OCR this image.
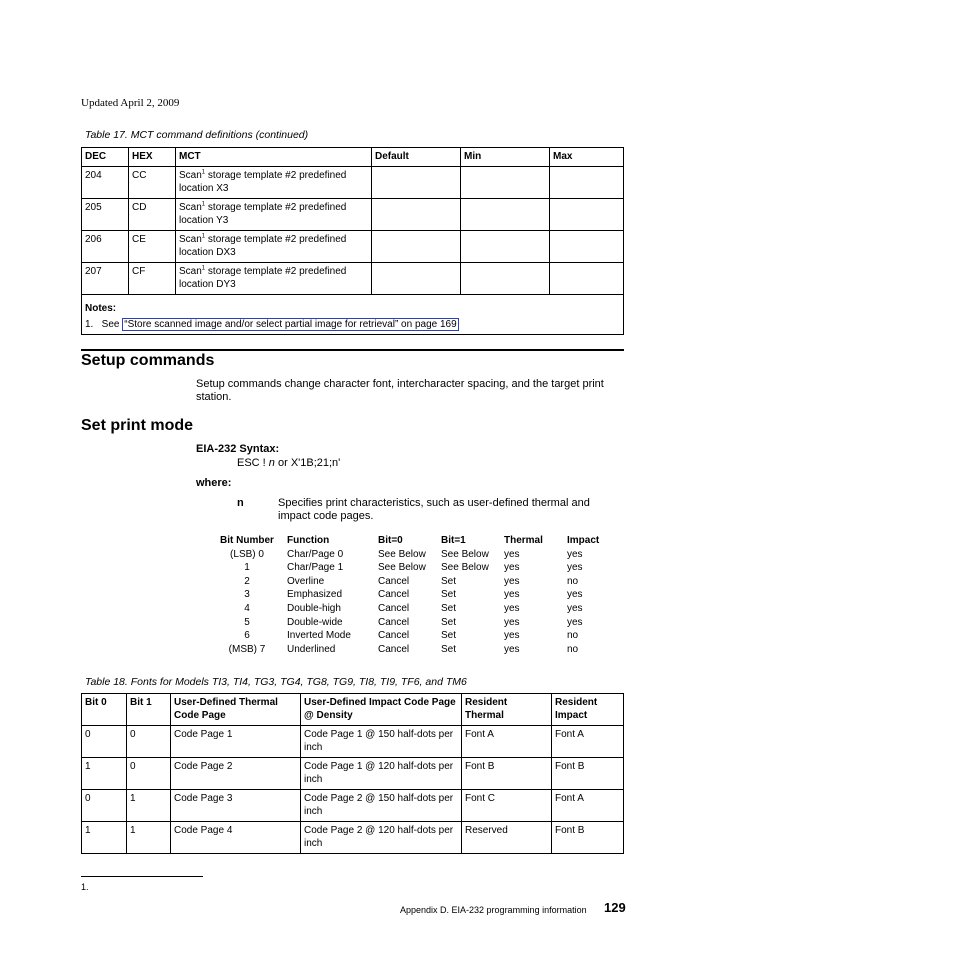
Updated April 2, 2009
Table 17. MCT command definitions (continued)
DEC	HEX	MCT	Default	Min	Max
204	CC	Scan$^1$ storage template #2 predefined location X3			
205	CD	Scan$^1$ storage template #2 predefined location Y3			
206	CE	Scan$^1$ storage template #2 predefined location DX3			
207	CF	Scan$^1$ storage template #2 predefined location DY3			

Notes:
1.   See “Store scanned image and/or select partial image for retrieval” on page 169					
Setup commands
Setup commands change character font, intercharacter spacing, and the target print station.
Set print mode
EIA-232 Syntax:
ESC ! n or X'1B;21;n'
where:
n	Specifies print characteristics, such as user-defined thermal and impact code pages.
Bit Number	Function	Bit=0	Bit=1	Thermal	Impact
(LSB) 0	Char/Page 0	See Below	See Below	yes	yes
1	Char/Page 1	See Below	See Below	yes	yes
2	Overline	Cancel	Set	yes	no
3	Emphasized	Cancel	Set	yes	yes
4	Double-high	Cancel	Set	yes	yes
5	Double-wide	Cancel	Set	yes	yes
6	Inverted Mode	Cancel	Set	yes	no
(MSB) 7	Underlined	Cancel	Set	yes	no
Table 18. Fonts for Models TI3, TI4, TG3, TG4, TG8, TG9, TI8, TI9, TF6, and TM6
Bit 0	Bit 1	User-Defined Thermal Code Page	User-Defined Impact Code Page @ Density	Resident Thermal	Resident Impact
0	0	Code Page 1	Code Page 1 @ 150 half-dots per inch	Font A	Font A
1	0	Code Page 2	Code Page 1 @ 120 half-dots per inch	Font B	Font B
0	1	Code Page 3	Code Page 2 @ 150 half-dots per inch	Font C	Font A
1	1	Code Page 4	Code Page 2 @ 120 half-dots per inch	Reserved	Font B
1.
Appendix D. EIA-232 programming information 129
